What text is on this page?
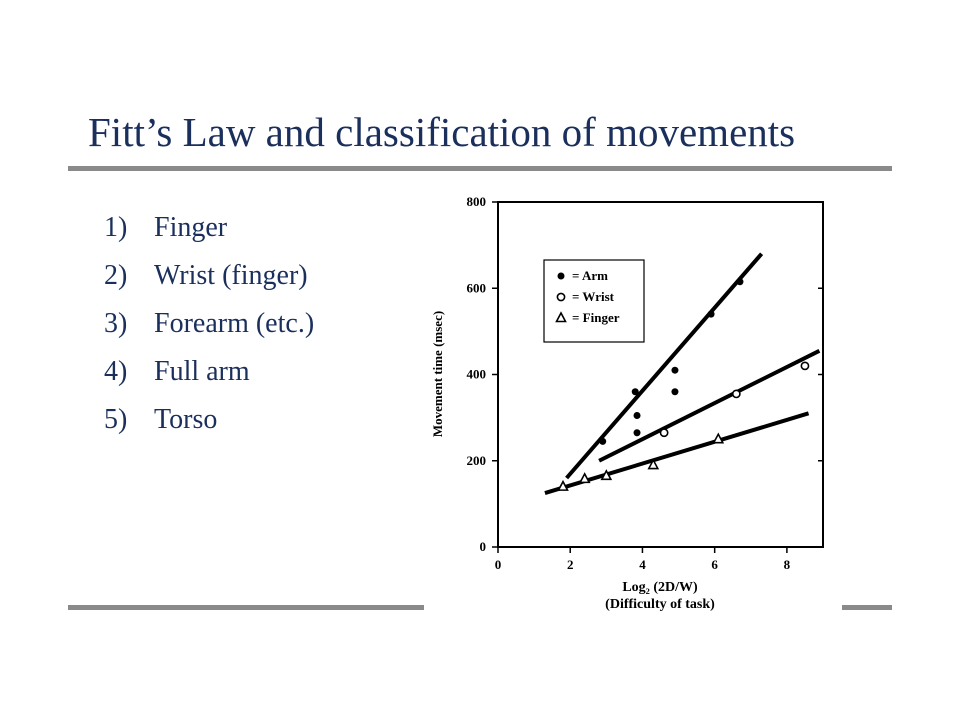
Fitt’s Law and classification of movements
1) Finger
2) Wrist (finger)
3) Forearm (etc.)
4) Full arm
5) Torso
0
200
400
600
800
0	2	4	6	8
= Arm
= Wrist
= Finger
Movement time (msec)
Log₂ (2D/W)
(Difficulty of task)
